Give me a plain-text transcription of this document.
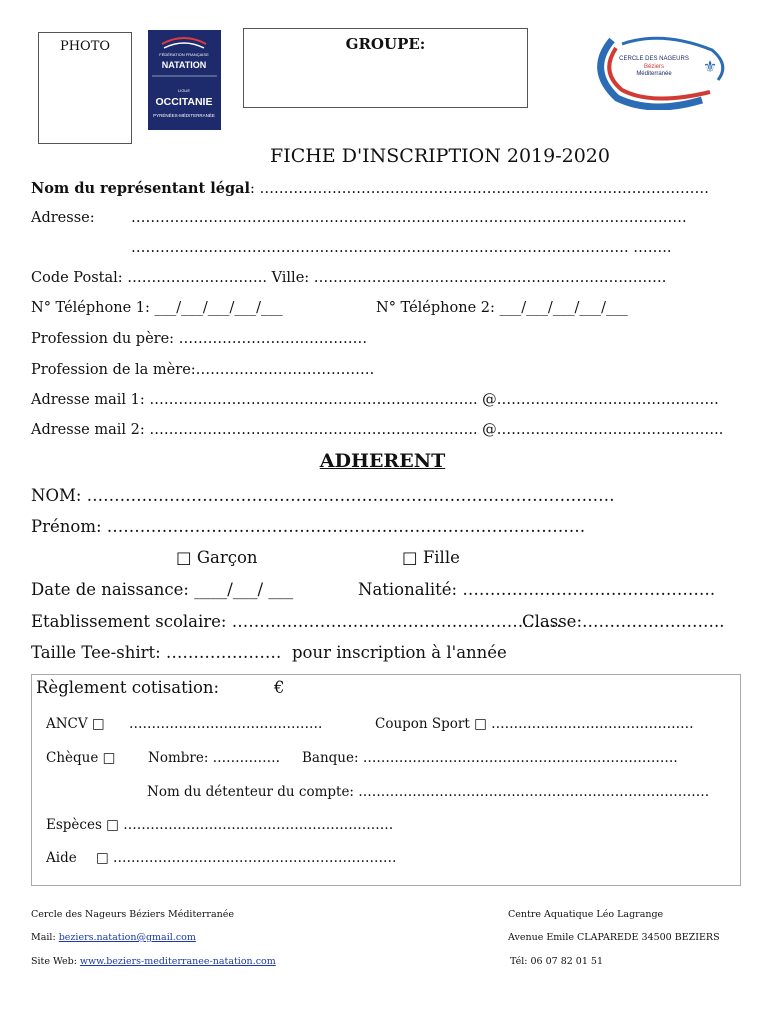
PHOTO
FÉDÉRATION FRANÇAISE
NATATION
LIGUE
OCCITANIE
PYRÉNÉES-MÉDITERRANÉE
GROUPE:
CERCLE DES NAGEURS
Béziers
Méditerranée ⚜
FICHE D'INSCRIPTION 2019-2020
Nom du représentant légal: …………………………………………………………………………………
Adresse:	…………………………………………………………………………………………………….
…………………………………………………………………………………………. ……..
Code Postal: ……………………….. Ville: ……………………………………………………………….
N° Téléphone 1: ___/___/___/___/___	N° Téléphone 2: ___/___/___/___/___
Profession du père: …………………………………
Profession de la mère:……………………………….
Adresse mail 1: ………………………………………………………….. @……………………………………….
Adresse mail 2: ………………………………………………………….. @………………………………………..
ADHERENT
NOM: ……………………………………………………………………………………
Prénom: ……………………………………………………………………………
□ Garçon	□ Fille
Date de naissance: ____/___/ ___	Nationalité: ……………………………………….
Etablissement scolaire: ……………………………………………………
Classe:……………………..
Taille Tee-shirt: ………………… pour inscription à l'année
Règlement cotisation:	€
ANCV □ …………………………………….	Coupon Sport □ ………………………………………
Chèque □ Nombre: …………… Banque: …………………………………………………………….
Nom du détenteur du compte: ……………………………………………………………………
Espèces □ ……………………………………………………
Aide □ ………………………………………………………
Cercle des Nageurs Béziers Méditerranée
Mail: beziers.natation@gmail.com
Site Web: www.beziers-mediterranee-natation.com
Centre Aquatique Léo Lagrange
Avenue Emile CLAPAREDE 34500 BEZIERS
Tél: 06 07 82 01 51
